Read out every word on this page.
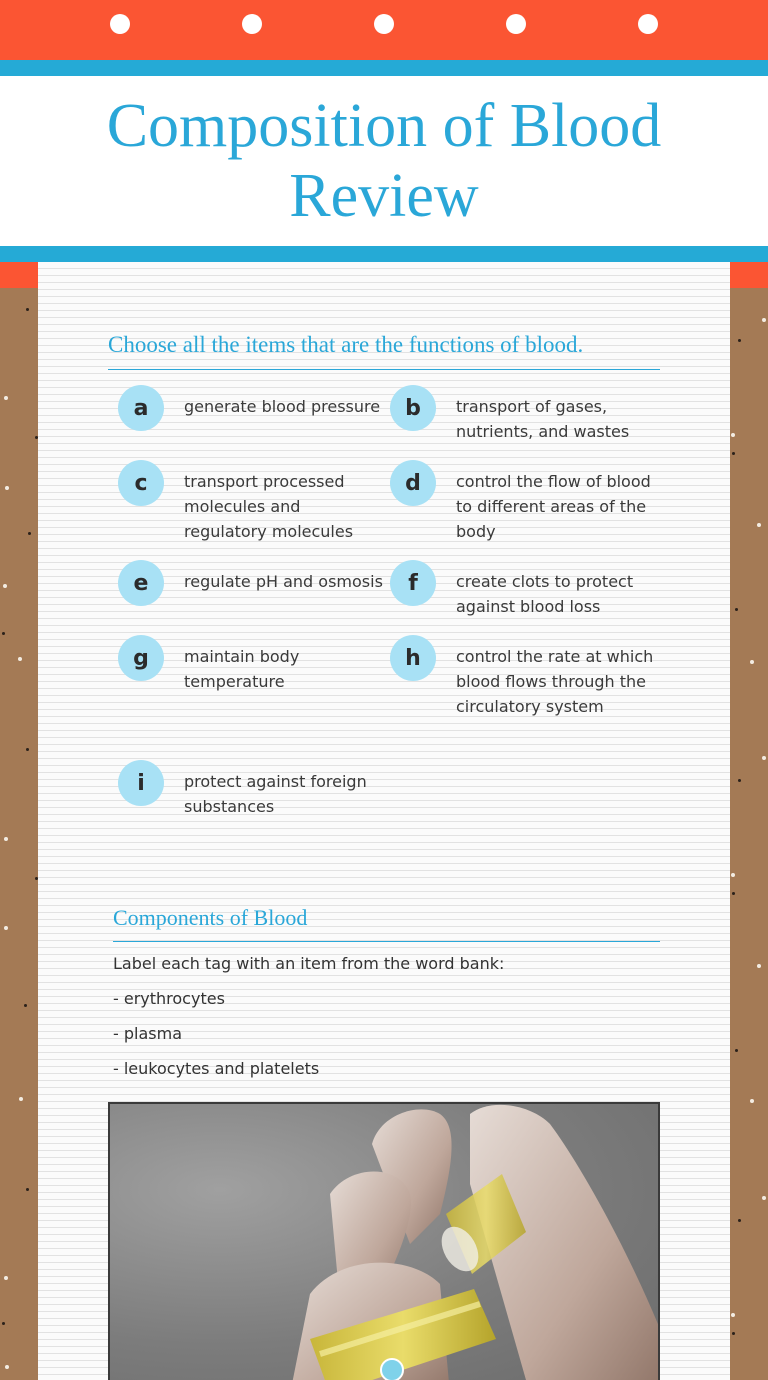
Composition of Blood
Review
Choose all the items that are the functions of blood.
a	generate blood pressure	b	transport of gases, nutrients, and wastes
c	transport processed molecules and regulatory molecules
d	control the flow of blood to different areas of the body
e	regulate pH and osmosis	f	create clots to protect against blood loss
g	maintain body temperature
h	control the rate at which blood flows through the circulatory system
i	protect against foreign substances
Components of Blood
Label each tag with an item from the word bank:
- erythrocytes
- plasma
- leukocytes and platelets
